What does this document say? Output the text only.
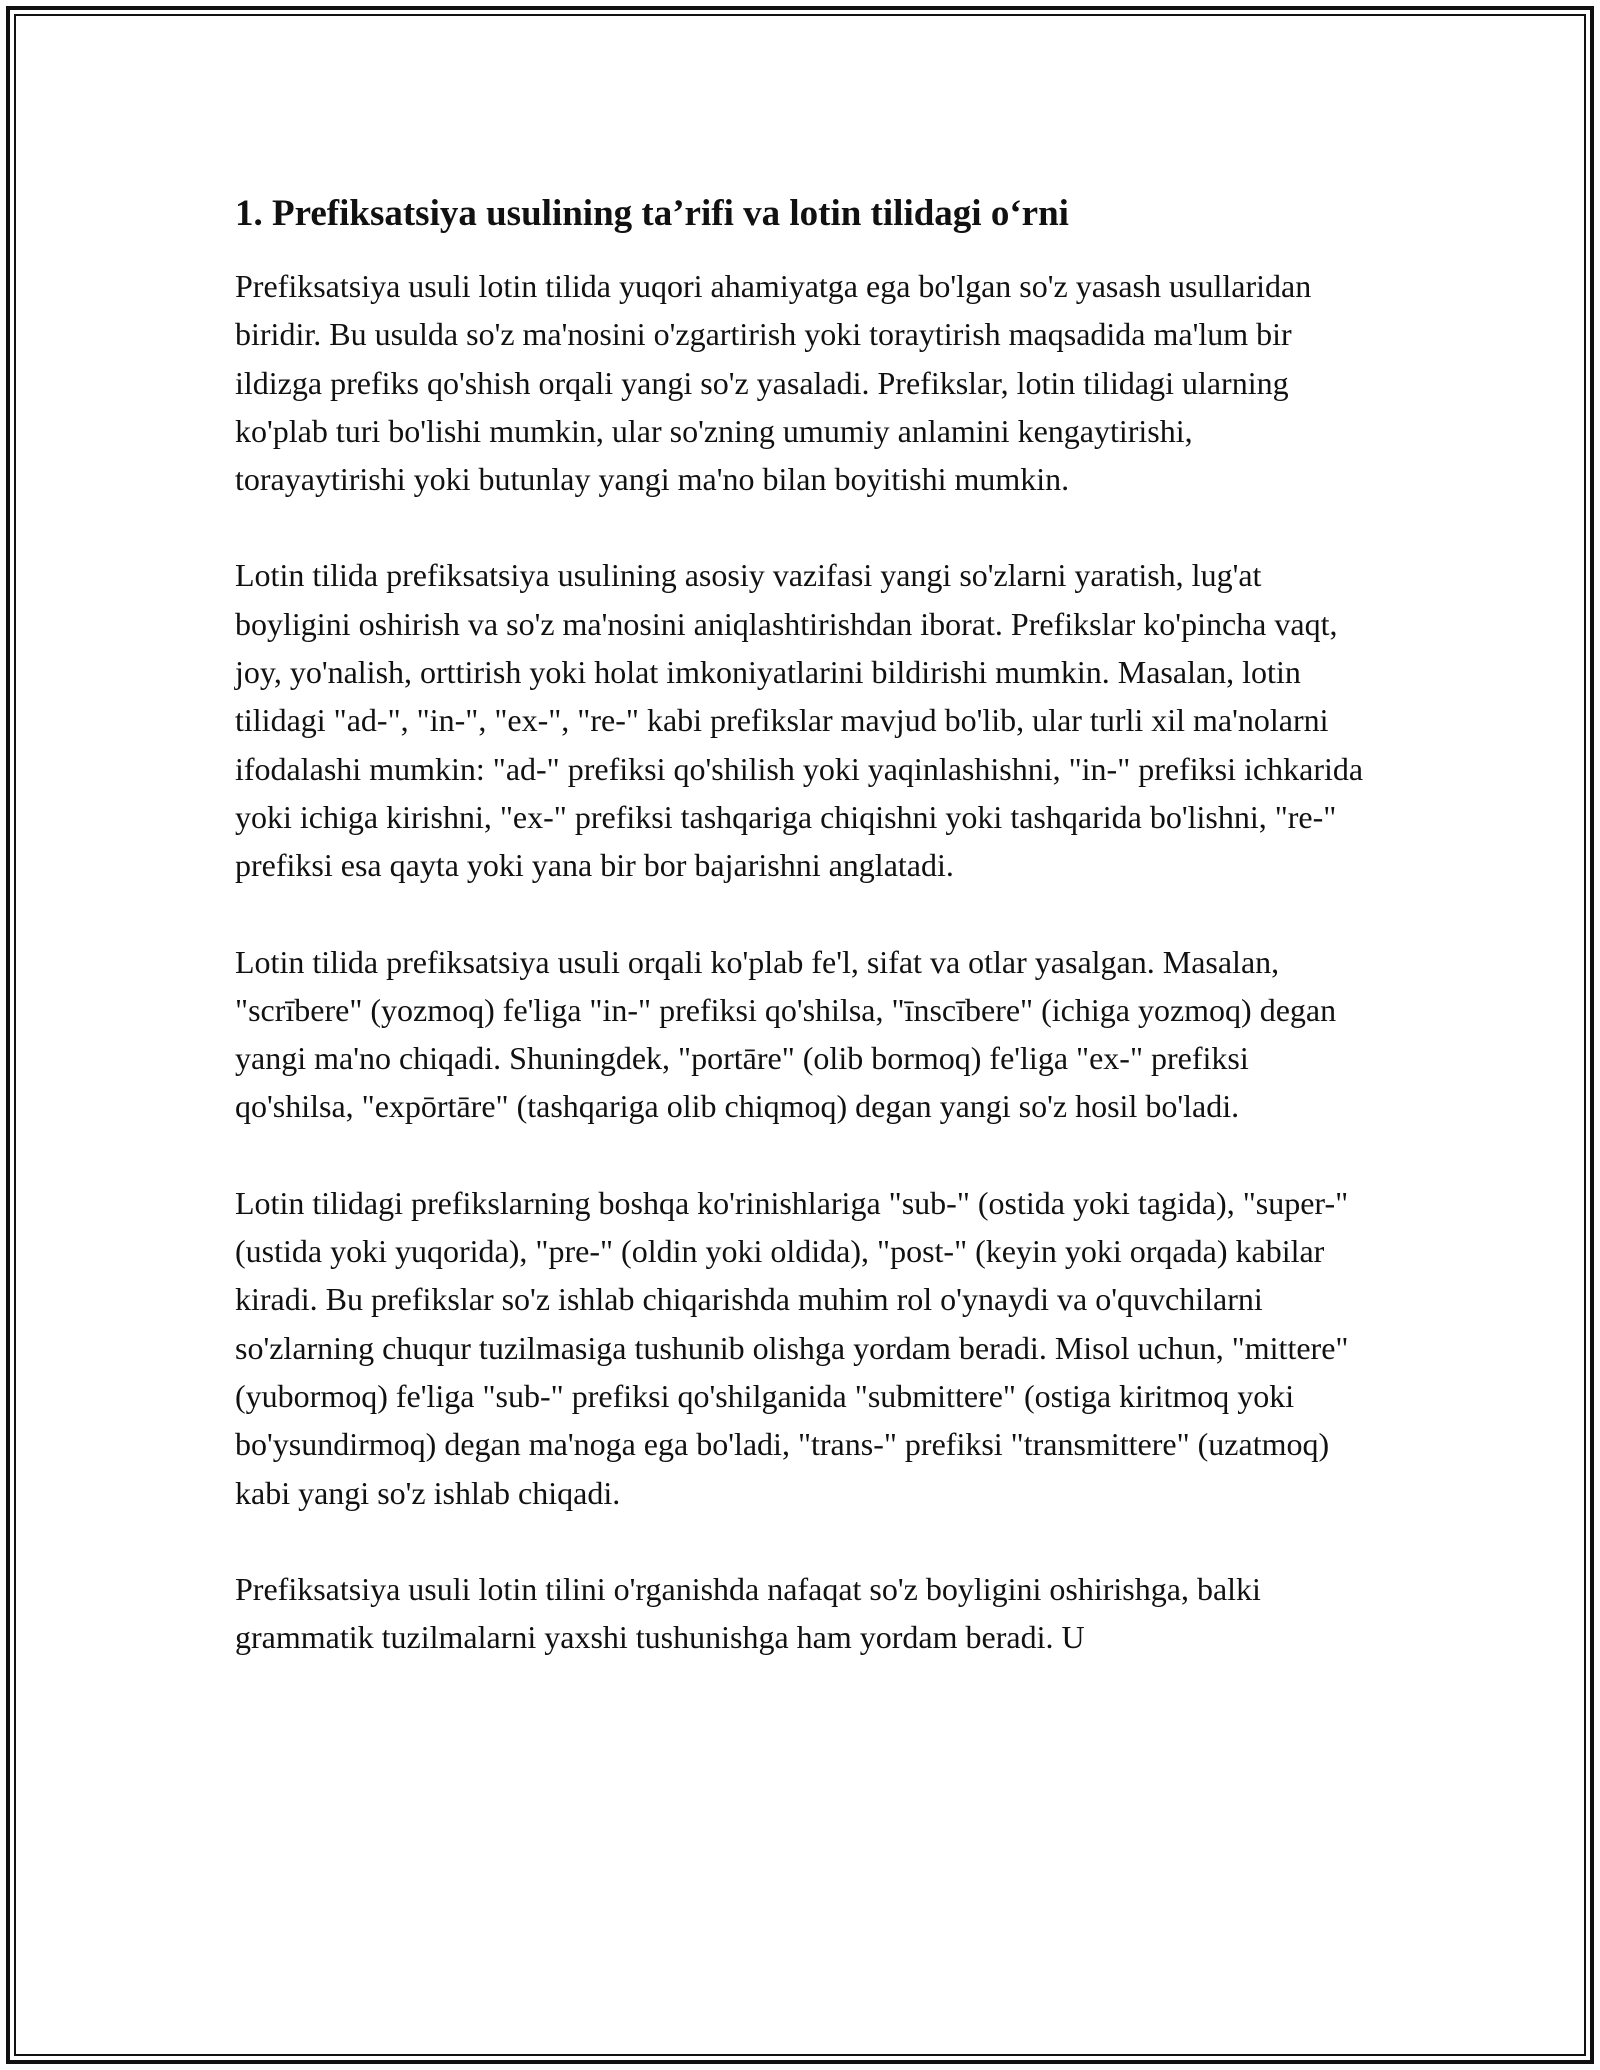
1. Prefiksatsiya usulining ta’rifi va lotin tilidagi o‘rni

Prefiksatsiya usuli lotin tilida yuqori ahamiyatga ega bo'lgan so'z yasash usullaridan biridir. Bu usulda so'z ma'nosini o'zgartirish yoki toraytirish maqsadida ma'lum bir ildizga prefiks qo'shish orqali yangi so'z yasaladi. Prefikslar, lotin tilidagi ularning ko'plab turi bo'lishi mumkin, ular so'zning umumiy anlamini kengaytirishi, torayaytirishi yoki butunlay yangi ma'no bilan boyitishi mumkin.

Lotin tilida prefiksatsiya usulining asosiy vazifasi yangi so'zlarni yaratish, lug'at boyligini oshirish va so'z ma'nosini aniqlashtirishdan iborat. Prefikslar ko'pincha vaqt, joy, yo'nalish, orttirish yoki holat imkoniyatlarini bildirishi mumkin. Masalan, lotin tilidagi "ad-", "in-", "ex-", "re-" kabi prefikslar mavjud bo'lib, ular turli xil ma'nolarni ifodalashi mumkin: "ad-" prefiksi qo'shilish yoki yaqinlashishni, "in-" prefiksi ichkarida yoki ichiga kirishni, "ex-" prefiksi tashqariga chiqishni yoki tashqarida bo'lishni, "re-" prefiksi esa qayta yoki yana bir bor bajarishni anglatadi.

Lotin tilida prefiksatsiya usuli orqali ko'plab fe'l, sifat va otlar yasalgan. Masalan, "scrībere" (yozmoq) fe'liga "in-" prefiksi qo'shilsa, "īnscībere" (ichiga yozmoq) degan yangi ma'no chiqadi. Shuningdek, "portāre" (olib bormoq) fe'liga "ex-" prefiksi qo'shilsa, "expōrtāre" (tashqariga olib chiqmoq) degan yangi so'z hosil bo'ladi.

Lotin tilidagi prefikslarning boshqa ko'rinishlariga "sub-" (ostida yoki tagida), "super-" (ustida yoki yuqorida), "pre-" (oldin yoki oldida), "post-" (keyin yoki orqada) kabilar kiradi. Bu prefikslar so'z ishlab chiqarishda muhim rol o'ynaydi va o'quvchilarni so'zlarning chuqur tuzilmasiga tushunib olishga yordam beradi. Misol uchun, "mittere" (yubormoq) fe'liga "sub-" prefiksi qo'shilganida "submittere" (ostiga kiritmoq yoki bo'ysundirmoq) degan ma'noga ega bo'ladi, "trans-" prefiksi "transmittere" (uzatmoq) kabi yangi so'z ishlab chiqadi.

Prefiksatsiya usuli lotin tilini o'rganishda nafaqat so'z boyligini oshirishga, balki grammatik tuzilmalarni yaxshi tushunishga ham yordam beradi. U
